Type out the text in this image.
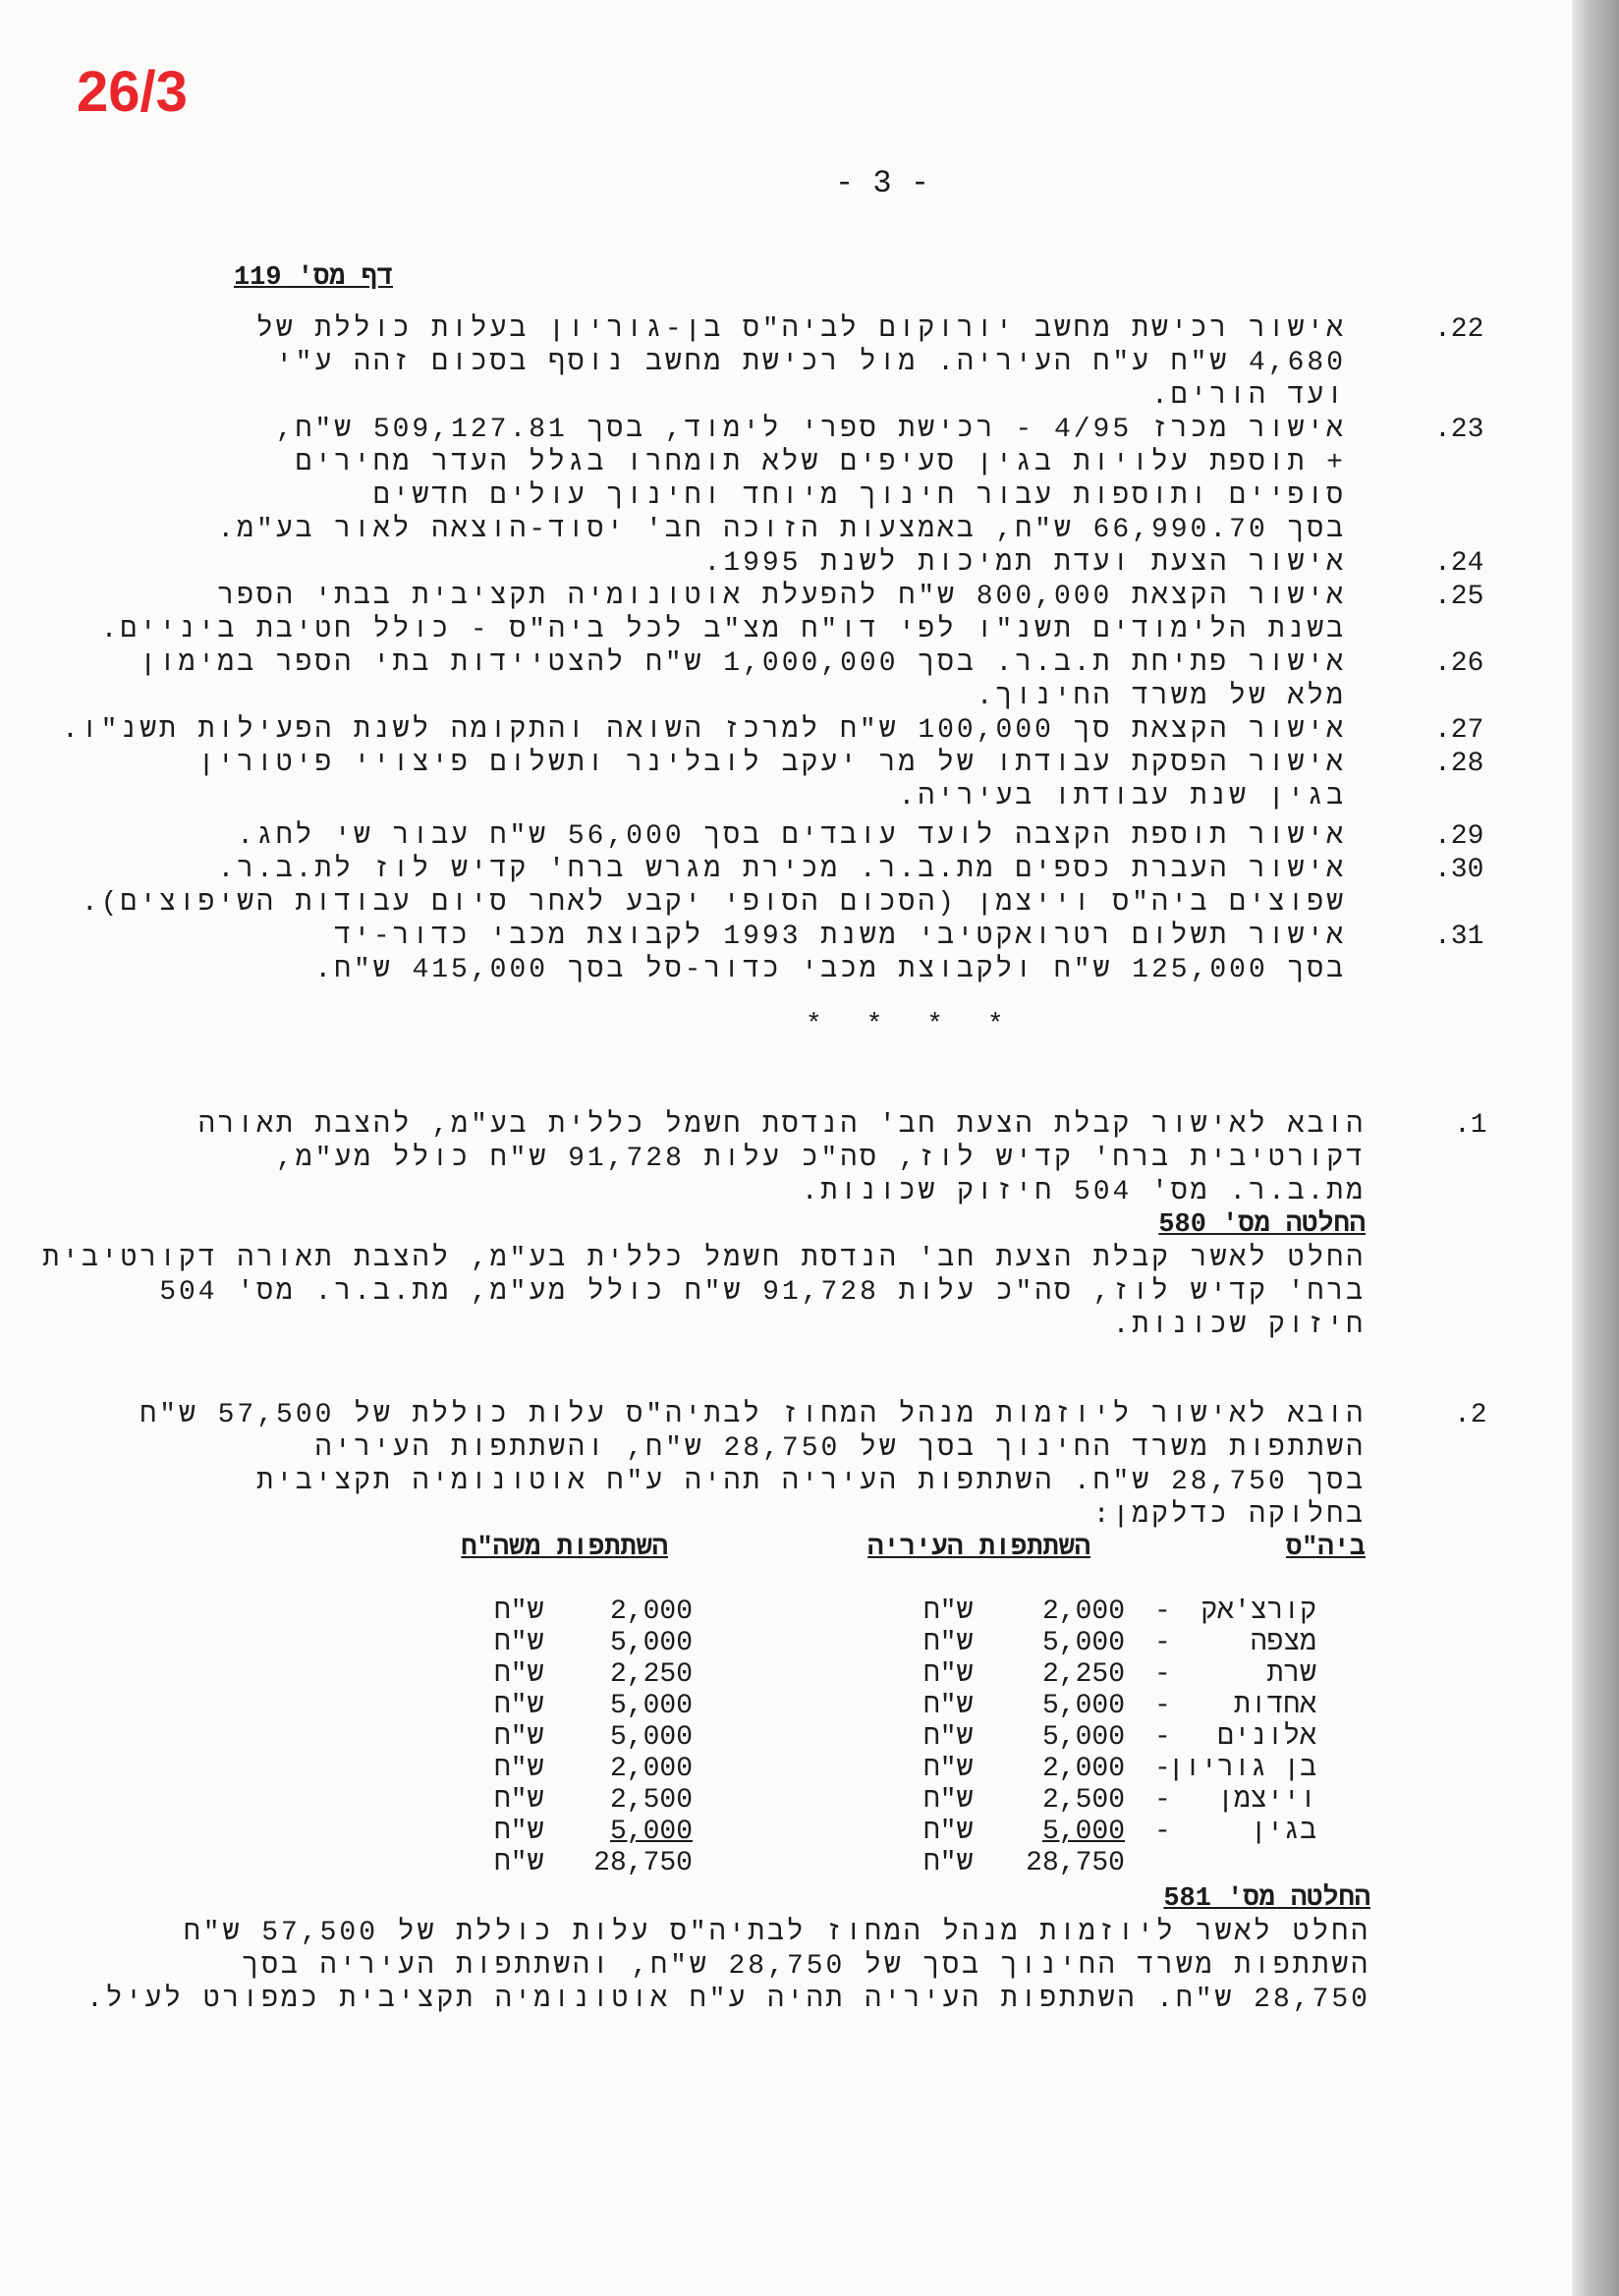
26/3
- 3 -
דף מס' 119
.22
אישור רכישת מחשב יורוקום לביה"ס בן-גוריון בעלות כוללת של
4,680 ש"ח ע"ח העיריה. מול רכישת מחשב נוסף בסכום זהה ע"י
ועד הורים.
.23
אישור מכרז 4/95 - רכישת ספרי לימוד, בסך 509,127.81 ש"ח,
+ תוספת עלויות בגין סעיפים שלא תומחרו בגלל העדר מחירים
סופיים ותוספות עבור חינוך מיוחד וחינוך עולים חדשים
בסך 66,990.70 ש"ח, באמצעות הזוכה חב' יסוד-הוצאה לאור בע"מ.
.24
אישור הצעת ועדת תמיכות לשנת 1995.
.25
אישור הקצאת 800,000 ש"ח להפעלת אוטונומיה תקציבית בבתי הספר
בשנת הלימודים תשנ"ו לפי דו"ח מצ"ב לכל ביה"ס - כולל חטיבת ביניים.
.26
אישור פתיחת ת.ב.ר. בסך 1,000,000 ש"ח להצטיידות בתי הספר במימון
מלא של משרד החינוך.
.27
אישור הקצאת סך 100,000 ש"ח למרכז השואה והתקומה לשנת הפעילות תשנ"ו.
.28
אישור הפסקת עבודתו של מר יעקב לובלינר ותשלום פיצויי פיטורין
בגין שנת עבודתו בעיריה.
.29
אישור תוספת הקצבה לועד עובדים בסך 56,000 ש"ח עבור שי לחג.
.30
אישור העברת כספים מת.ב.ר. מכירת מגרש ברח' קדיש לוז לת.ב.ר.
שפוצים ביה"ס וייצמן (הסכום הסופי יקבע לאחר סיום עבודות השיפוצים).
.31
אישור תשלום רטרואקטיבי משנת 1993 לקבוצת מכבי כדור-יד
בסך 125,000 ש"ח ולקבוצת מכבי כדור-סל בסך 415,000 ש"ח.
* * * *
.1
הובא לאישור קבלת הצעת חב' הנדסת חשמל כללית בע"מ, להצבת תאורה
דקורטיבית ברח' קדיש לוז, סה"כ עלות 91,728 ש"ח כולל מע"מ,
מת.ב.ר. מס' 504 חיזוק שכונות.
החלטה מס' 580
החלט לאשר קבלת הצעת חב' הנדסת חשמל כללית בע"מ, להצבת תאורה דקורטיבית
ברח' קדיש לוז, סה"כ עלות 91,728 ש"ח כולל מע"מ, מת.ב.ר. מס' 504
חיזוק שכונות.
.2
הובא לאישור ליוזמות מנהל המחוז לבתיה"ס עלות כוללת של 57,500 ש"ח
השתתפות משרד החינוך בסך של 28,750 ש"ח, והשתתפות העיריה
בסך 28,750 ש"ח. השתתפות העיריה תהיה ע"ח אוטונומיה תקציבית
בחלוקה כדלקמן:
ביה"ס
השתתפות העיריה
השתתפות משה"ח
קורצ'אק
-
2,000
ש"ח
2,000
ש"ח
מצפה
-
5,000
ש"ח
5,000
ש"ח
שרת
-
2,250
ש"ח
2,250
ש"ח
אחדות
-
5,000
ש"ח
5,000
ש"ח
אלונים
-
5,000
ש"ח
5,000
ש"ח
בן גוריון
-
2,000
ש"ח
2,000
ש"ח
וייצמן
-
2,500
ש"ח
2,500
ש"ח
בגין
-
5,000
ש"ח
5,000
ש"ח
28,750
ש"ח
28,750
ש"ח
החלטה מס' 581
החלט לאשר ליוזמות מנהל המחוז לבתיה"ס עלות כוללת של 57,500 ש"ח
השתתפות משרד החינוך בסך של 28,750 ש"ח, והשתתפות העיריה בסך
28,750 ש"ח. השתתפות העיריה תהיה ע"ח אוטונומיה תקציבית כמפורט לעיל.
